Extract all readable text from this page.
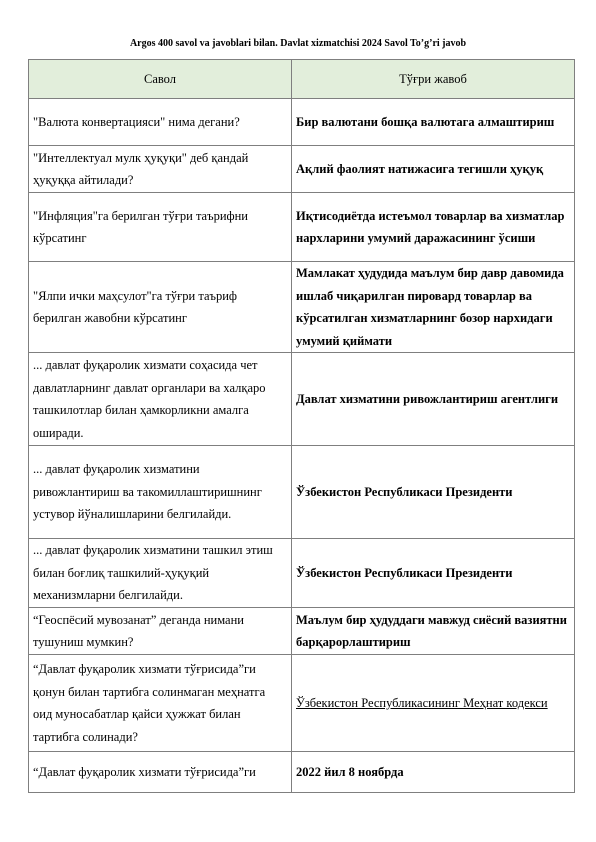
Argos 400 savol va javoblari bilan. Davlat xizmatchisi 2024 Savol To’g’ri javob
Савол	Тўғри жавоб
"Валюта конвертацияси" нима дегани?	Бир валютани бошқа валютага алмаштириш
"Интеллектуал мулк ҳуқуқи" деб қандай ҳуқуққа айтилади?	Ақлий фаолият натижасига тегишли ҳуқуқ
"Инфляция"га берилган тўғри таърифни кўрсатинг	Иқтисодиётда истеъмол товарлар ва хизматлар нархларини умумий даражасининг ўсиши
"Ялпи ички маҳсулот"га тўғри таъриф берилган жавобни кўрсатинг	Мамлакат ҳудудида маълум бир давр давомида ишлаб чиқарилган пировард товарлар ва кўрсатилган хизматларнинг бозор нархидаги умумий қиймати
... давлат фуқаролик хизмати соҳасида чет давлатларнинг давлат органлари ва халқаро ташкилотлар билан ҳамкорликни амалга оширади.	Давлат хизматини ривожлантириш агентлиги
... давлат фуқаролик хизматини ривожлантириш ва такомиллаштиришнинг устувор йўналишларини белгилайди.	Ўзбекистон Республикаси Президенти
... давлат фуқаролик хизматини ташкил этиш билан боғлиқ ташкилий-ҳуқуқий механизмларни белгилайди.	Ўзбекистон Республикаси Президенти
“Геоспёсий мувозанат” деганда нимани тушуниш мумкин?	Маълум бир ҳудуддаги мавжуд сиёсий вазиятни барқарорлаштириш
“Давлат фуқаролик хизмати тўғрисида”ги қонун билан тартибга солинмаган меҳнатга оид муносабатлар қайси ҳужжат билан тартибга солинади?	Ўзбекистон Республикасининг Меҳнат кодекси
“Давлат фуқаролик хизмати тўғрисида”ги	2022 йил 8 ноябрда
